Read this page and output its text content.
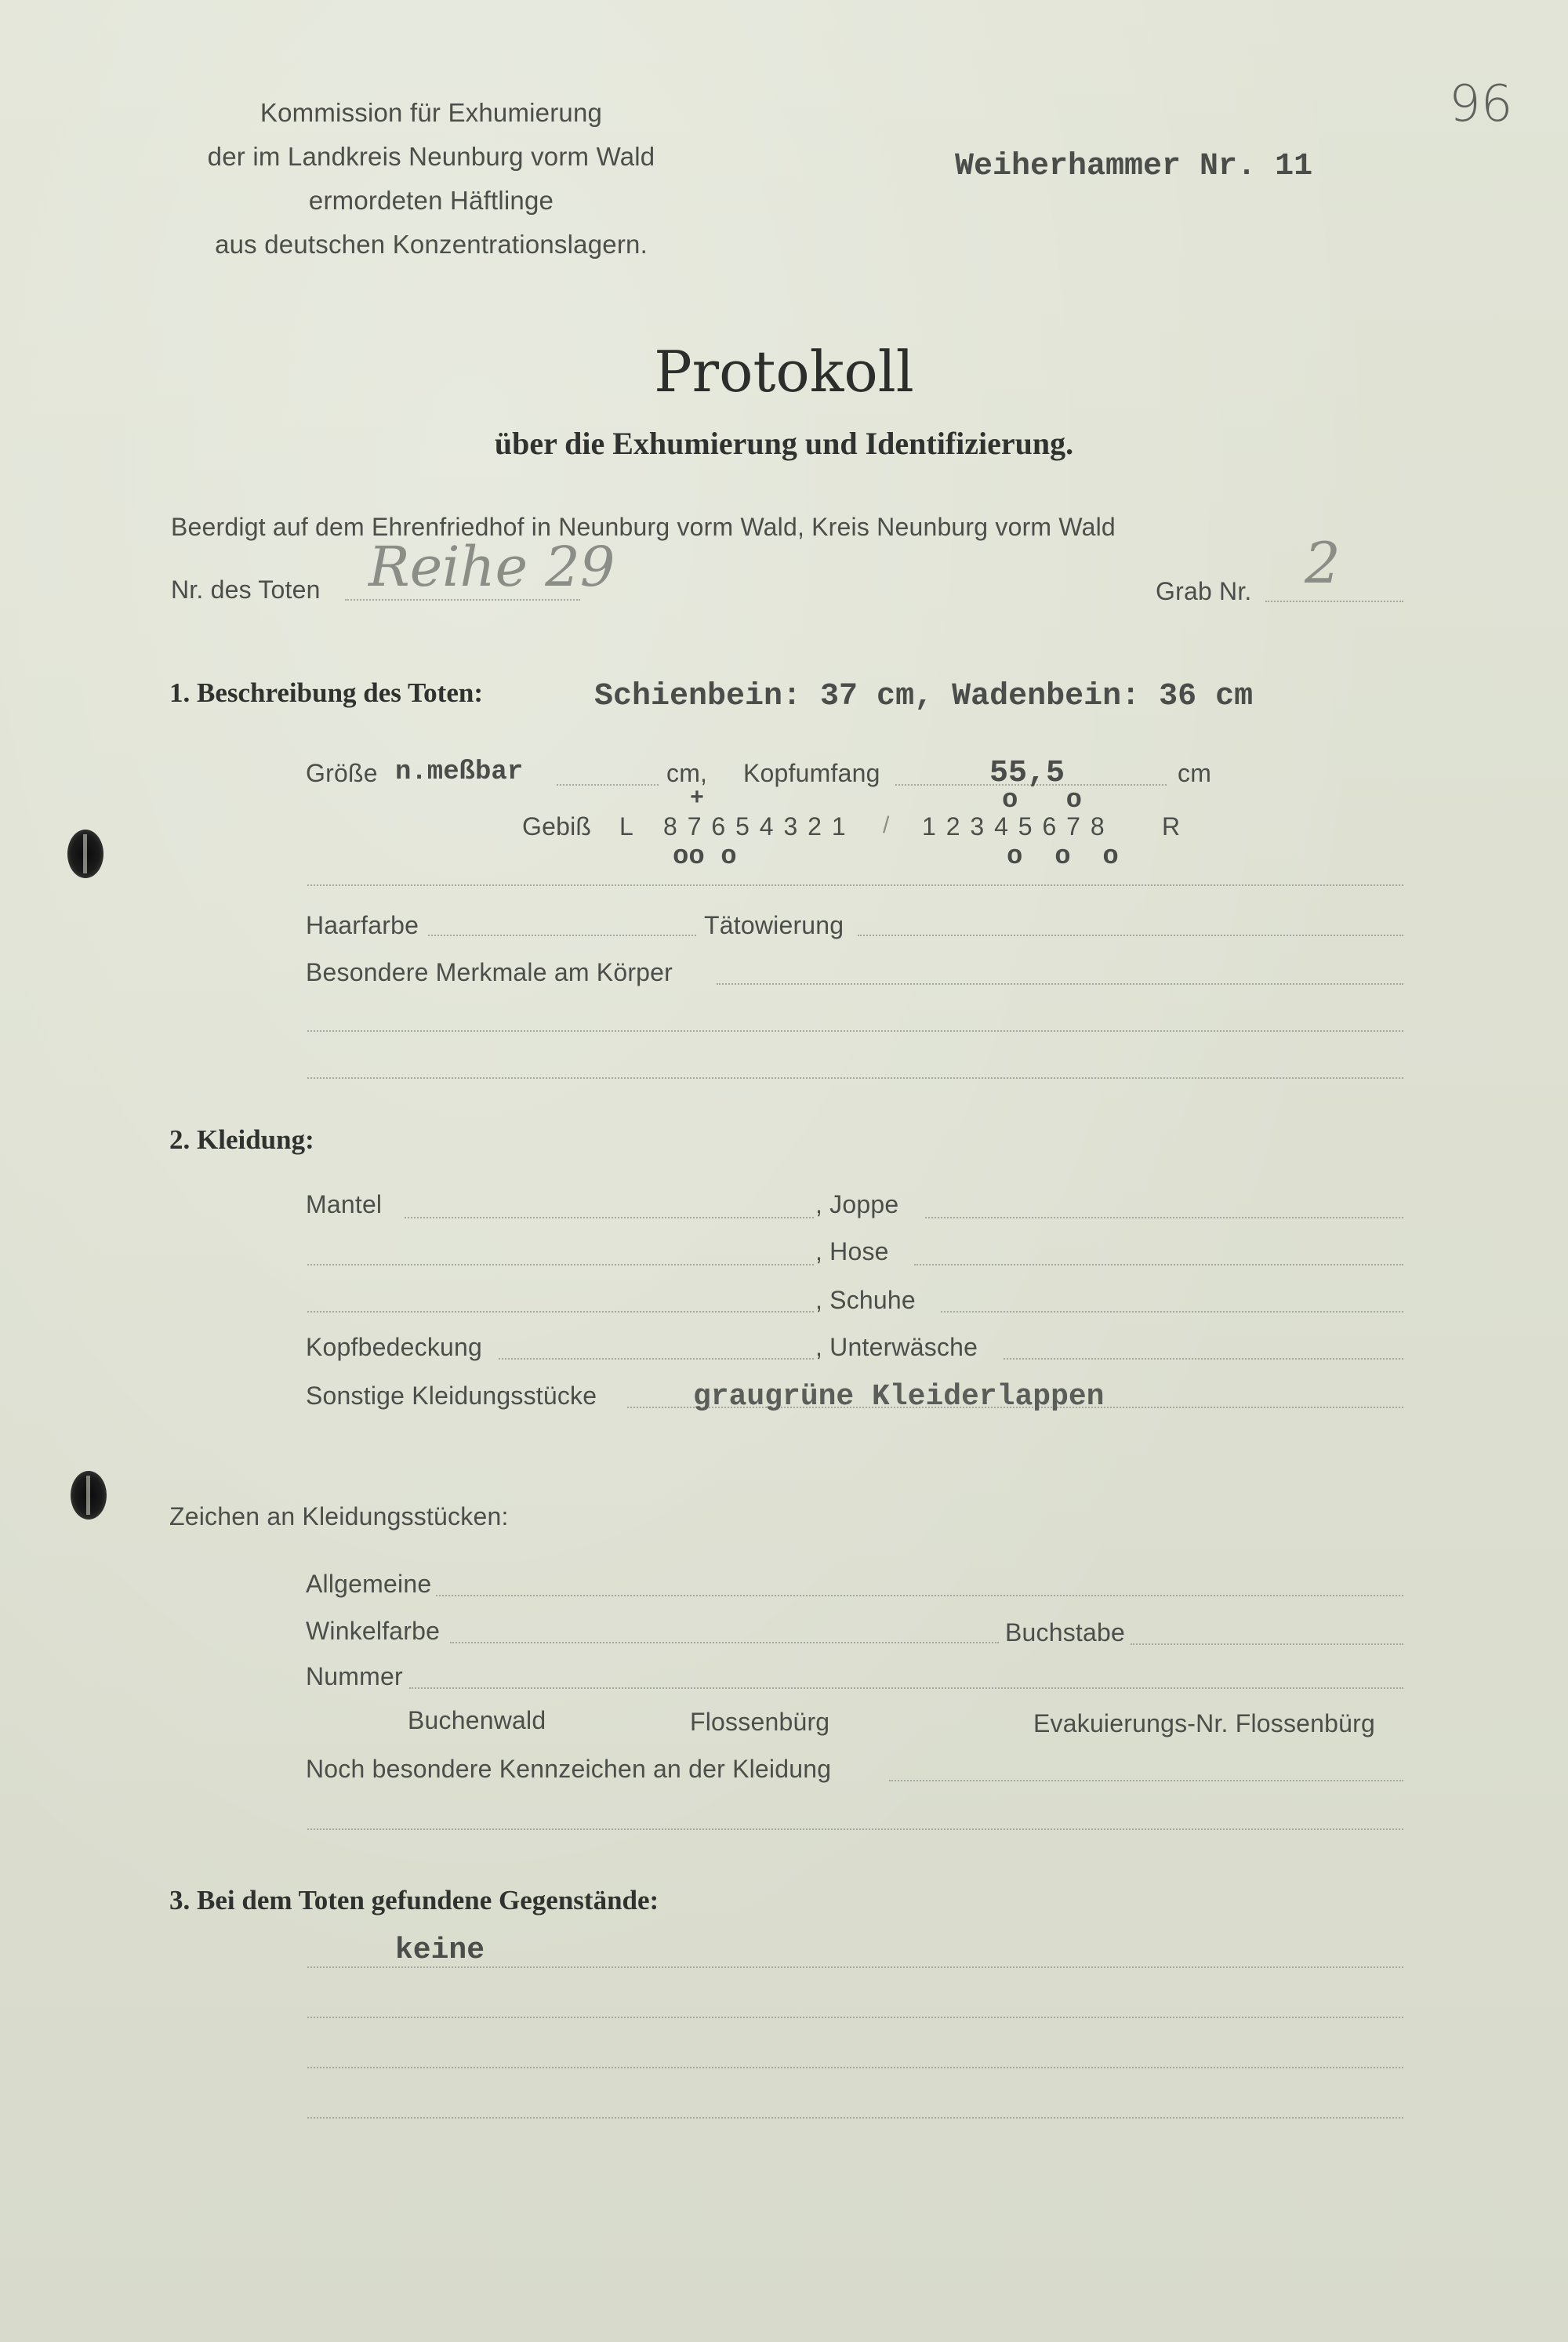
Kommission für Exhumierung
der im Landkreis Neunburg vorm Wald
ermordeten Häftlinge
aus deutschen Konzentrationslagern.
96
Weiherhammer Nr. 11
Protokoll
über die Exhumierung und Identifizierung.
Beerdigt auf dem Ehrenfriedhof in Neunburg vorm Wald, Kreis Neunburg vorm Wald
Nr. des Toten Reihe 29	Grab Nr. 2
1. Beschreibung des Toten:	Schienbein: 37 cm, Wadenbein: 36 cm
Größe n.meßbar	cm, Kopfumfang	55,5	cm
+	o   o
Gebiß L 8 7 6 5 4 3 2 1 / 1 2 3 4 5 6 7 8 R
oo o	o  o  o
Haarfarbe	Tätowierung
Besondere Merkmale am Körper
2. Kleidung:
Mantel	, Joppe
, Hose
, Schuhe
Kopfbedeckung	, Unterwäsche
Sonstige Kleidungsstücke	graugrüne Kleiderlappen
Zeichen an Kleidungsstücken:
Allgemeine
Winkelfarbe	Buchstabe
Nummer
Buchenwald	Flossenbürg	Evakuierungs-Nr. Flossenbürg
Noch besondere Kennzeichen an der Kleidung
3. Bei dem Toten gefundene Gegenstände:
keine
